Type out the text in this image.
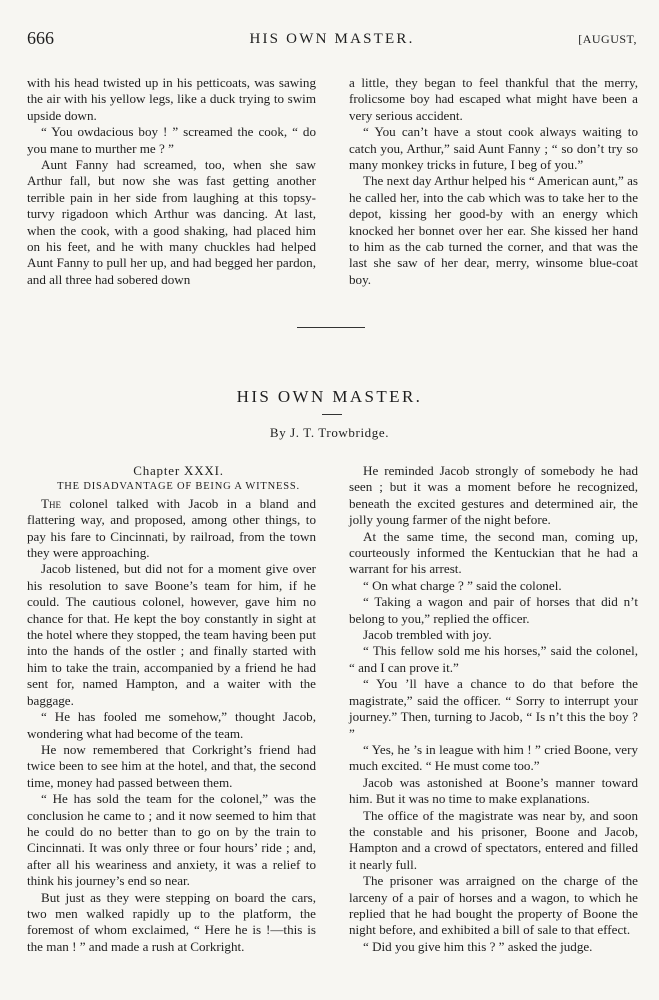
666	HIS OWN MASTER.	[AUGUST,

with his head twisted up in his petticoats, was sawing the air with his yellow legs, like a duck trying to swim upside down.

“ You owdacious boy ! ” screamed the cook, “ do you mane to murther me ? ”

Aunt Fanny had screamed, too, when she saw Arthur fall, but now she was fast getting another terrible pain in her side from laughing at this topsy-turvy rigadoon which Arthur was dancing. At last, when the cook, with a good shaking, had placed him on his feet, and he with many chuckles had helped Aunt Fanny to pull her up, and had begged her pardon, and all three had sobered down

a little, they began to feel thankful that the merry, frolicsome boy had escaped what might have been a very serious accident.

“ You can’t have a stout cook always waiting to catch you, Arthur,” said Aunt Fanny ; “ so don’t try so many monkey tricks in future, I beg of you.”

The next day Arthur helped his “ American aunt,” as he called her, into the cab which was to take her to the depot, kissing her good-by with an energy which knocked her bonnet over her ear. She kissed her hand to him as the cab turned the corner, and that was the last she saw of her dear, merry, winsome blue-coat boy.

HIS OWN MASTER.
By J. T. Trowbridge.

Chapter XXXI.

THE DISADVANTAGE OF BEING A WITNESS.

The colonel talked with Jacob in a bland and flattering way, and proposed, among other things, to pay his fare to Cincinnati, by railroad, from the town they were approaching.

Jacob listened, but did not for a moment give over his resolution to save Boone’s team for him, if he could. The cautious colonel, however, gave him no chance for that. He kept the boy constantly in sight at the hotel where they stopped, the team having been put into the hands of the ostler ; and finally started with him to take the train, accompanied by a friend he had sent for, named Hampton, and a waiter with the baggage.

“ He has fooled me somehow,” thought Jacob, wondering what had become of the team.

He now remembered that Corkright’s friend had twice been to see him at the hotel, and that, the second time, money had passed between them.

“ He has sold the team for the colonel,” was the conclusion he came to ; and it now seemed to him that he could do no better than to go on by the train to Cincinnati. It was only three or four hours’ ride ; and, after all his weariness and anxiety, it was a relief to think his journey’s end so near.

But just as they were stepping on board the cars, two men walked rapidly up to the platform, the foremost of whom exclaimed, “ Here he is !—this is the man ! ” and made a rush at Corkright.

He reminded Jacob strongly of somebody he had seen ; but it was a moment before he recognized, beneath the excited gestures and determined air, the jolly young farmer of the night before.

At the same time, the second man, coming up, courteously informed the Kentuckian that he had a warrant for his arrest.

“ On what charge ? ” said the colonel.

“ Taking a wagon and pair of horses that did n’t belong to you,” replied the officer.

Jacob trembled with joy.

“ This fellow sold me his horses,” said the colonel, “ and I can prove it.”

“ You ’ll have a chance to do that before the magistrate,” said the officer. “ Sorry to interrupt your journey.” Then, turning to Jacob, “ Is n’t this the boy ? ”

“ Yes, he ’s in league with him ! ” cried Boone, very much excited. “ He must come too.”

Jacob was astonished at Boone’s manner toward him. But it was no time to make explanations.

The office of the magistrate was near by, and soon the constable and his prisoner, Boone and Jacob, Hampton and a crowd of spectators, entered and filled it nearly full.

The prisoner was arraigned on the charge of the larceny of a pair of horses and a wagon, to which he replied that he had bought the property of Boone the night before, and exhibited a bill of sale to that effect.

“ Did you give him this ? ” asked the judge.
